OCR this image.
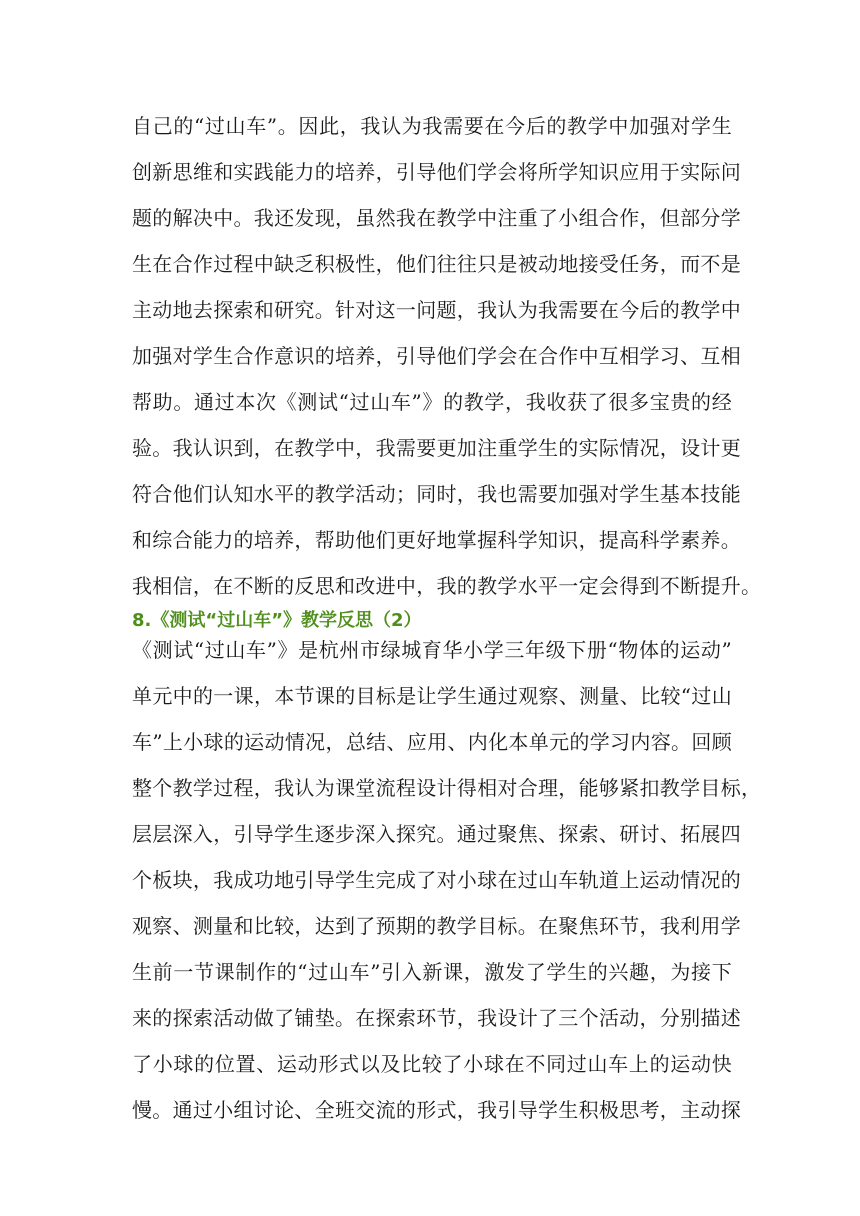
自己的“过山车”。因此，我认为我需要在今后的教学中加强对学生
创新思维和实践能力的培养，引导他们学会将所学知识应用于实际问
题的解决中。我还发现，虽然我在教学中注重了小组合作，但部分学
生在合作过程中缺乏积极性，他们往往只是被动地接受任务，而不是
主动地去探索和研究。针对这一问题，我认为我需要在今后的教学中
加强对学生合作意识的培养，引导他们学会在合作中互相学习、互相
帮助。通过本次《测试“过山车”》的教学，我收获了很多宝贵的经
验。我认识到，在教学中，我需要更加注重学生的实际情况，设计更
符合他们认知水平的教学活动；同时，我也需要加强对学生基本技能
和综合能力的培养，帮助他们更好地掌握科学知识，提高科学素养。
我相信，在不断的反思和改进中，我的教学水平一定会得到不断提升。
8.《测试“过山车”》教学反思（2）
《测试“过山车”》是杭州市绿城育华小学三年级下册“物体的运动”
单元中的一课，本节课的目标是让学生通过观察、测量、比较“过山
车”上小球的运动情况，总结、应用、内化本单元的学习内容。回顾
整个教学过程，我认为课堂流程设计得相对合理，能够紧扣教学目标，
层层深入，引导学生逐步深入探究。通过聚焦、探索、研讨、拓展四
个板块，我成功地引导学生完成了对小球在过山车轨道上运动情况的
观察、测量和比较，达到了预期的教学目标。在聚焦环节，我利用学
生前一节课制作的“过山车”引入新课，激发了学生的兴趣，为接下
来的探索活动做了铺垫。在探索环节，我设计了三个活动，分别描述
了小球的位置、运动形式以及比较了小球在不同过山车上的运动快
慢。通过小组讨论、全班交流的形式，我引导学生积极思考，主动探
